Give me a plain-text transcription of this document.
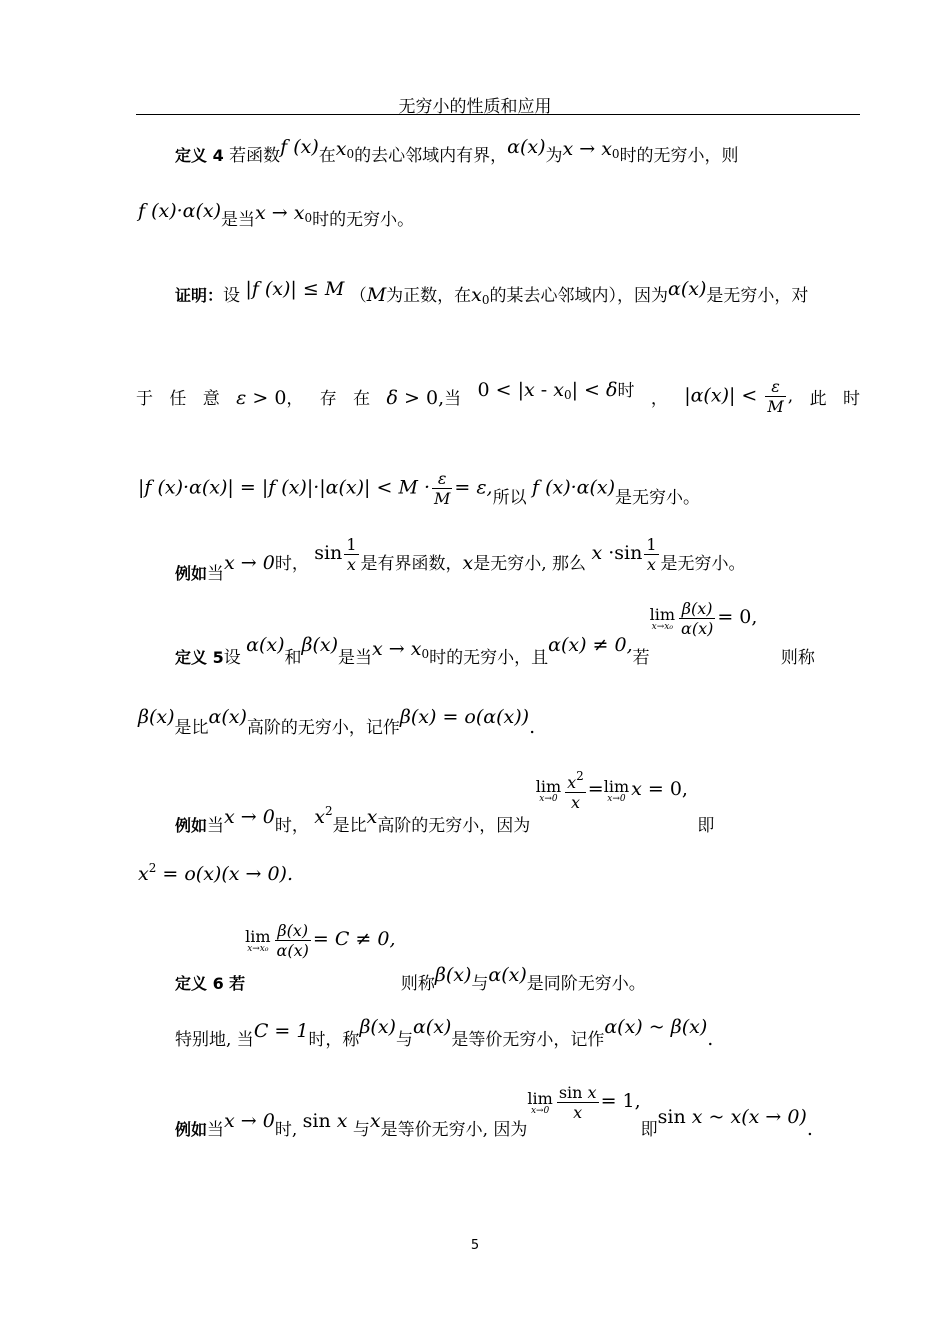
无穷小的性质和应用
定义 4 若函数f (x)在$x_0$的去心邻域内有界，α(x)为$x \to x_0$时的无穷小，则
f (x)·α(x)是当$x \to x_0$时的无穷小。
证明：设 |f (x)| ≤ M （M为正数，在$x_0$的某去心邻域内），因为α(x)是无穷小，对
于 任 意 ε > 0， 存 在 δ > 0,当 $0 < |x - x_0| < \delta$时 ， $|\alpha(x)| < \frac{\varepsilon}{M}$ , 此 时
|f (x)·α(x)| = |f $(x)|\cdot|\alpha(x)| < M \cdot \frac{\varepsilon}{M} = \varepsilon$,所以 f (x)·α(x)是无穷小。
例如当x → 0时， $\sin \frac{1}{x}$ 是有界函数，x是无穷小, 那么 $x \cdot\sin \frac{1}{x}$ 是无穷小。
定义 5设 α(x)和β(x)是当$x \to x_0$时的无穷小，且α(x) ≠ 0,若
lim
$x\to x_0 \frac{\beta(x)}{\alpha(x)} = 0$, 则称
β(x)是比α(x)高阶的无穷小，记作β(x) = o(α(x)).
例如当x → 0时， $x^2$是比x高阶的无穷小，因为
lim
$x\to 0 \frac{x^2}{x} = \lim$
x→0 x = 0, 即
$x^2 = o(x)(x \to 0)$.
定义 6 若
lim
$x\to x_0 \frac{\beta(x)}{\alpha(x)} = C \ne 0$, 则称β(x)与α(x)是同阶无穷小。
特别地, 当C = 1时，称β(x)与α(x)是等价无穷小，记作α(x) ~ β(x).
例如当x → 0时, sin x 与x是等价无穷小, 因为
lim
$x\to 0 \frac{\text{sin x}}{x} = 1$,即sin x ~ x(x → 0).
5
